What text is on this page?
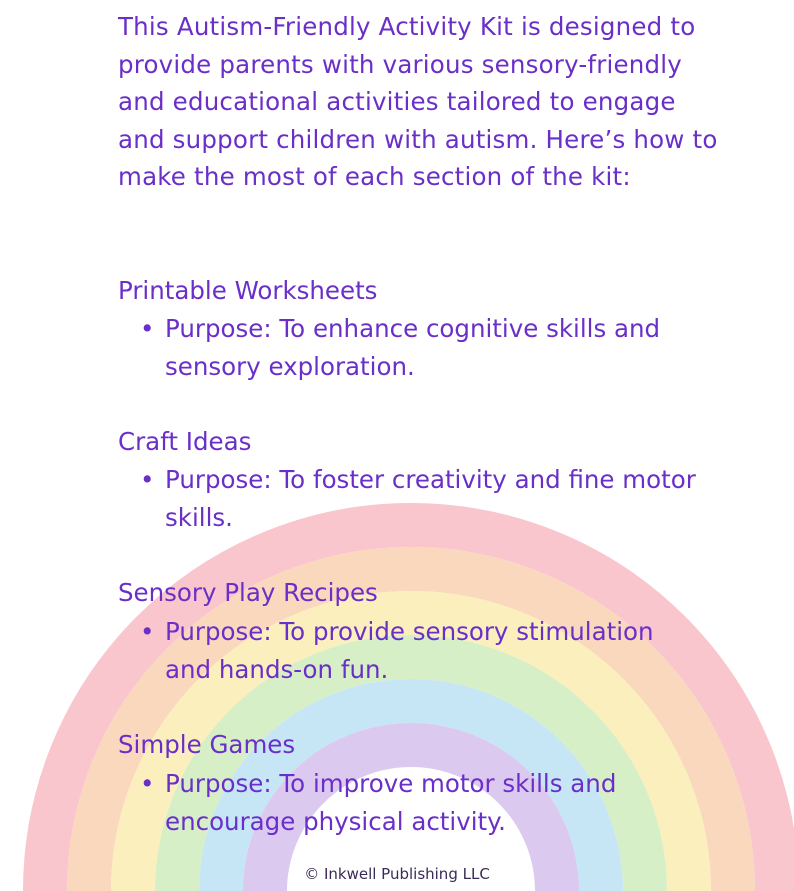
This Autism-Friendly Activity Kit is designed to provide parents with various sensory-friendly and educational activities tailored to engage and support children with autism. Here’s how to make the most of each section of the kit:
Printable Worksheets
• Purpose: To enhance cognitive skills and sensory exploration.
Craft Ideas
• Purpose: To foster creativity and fine motor skills.
Sensory Play Recipes
• Purpose: To provide sensory stimulation and hands-on fun.
Simple Games
• Purpose: To improve motor skills and encourage physical activity.
© Inkwell Publishing LLC
